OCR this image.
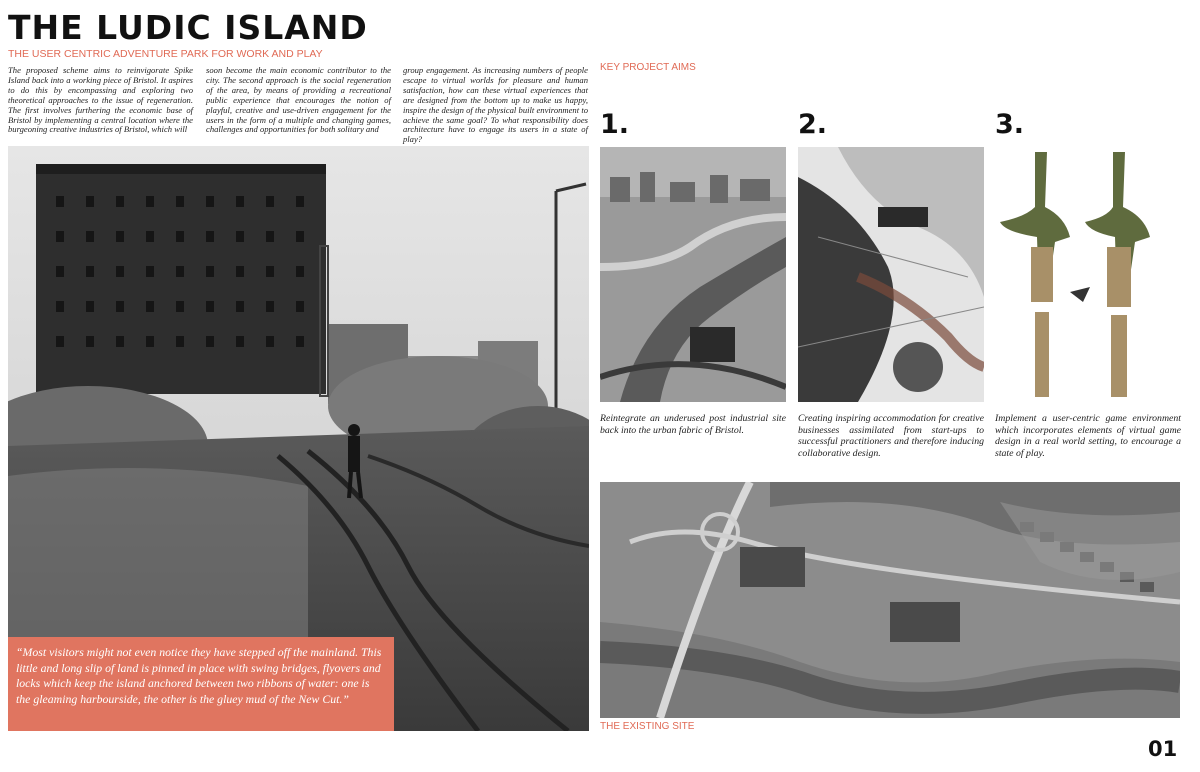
THE LUDIC ISLAND
THE USER CENTRIC ADVENTURE PARK FOR WORK AND PLAY
The proposed scheme aims to reinvigorate Spike Island back into a working piece of Bristol. It aspires to do this by encompassing and exploring two theoretical approaches to the issue of regeneration. The first involves furthering the economic base of Bristol by implementing a central location where the burgeoning creative industries of Bristol, which will
soon become the main economic contributor to the city. The second approach is the social regeneration of the area, by means of providing a recreational public experience that encourages the notion of playful, creative and use-driven engagement for the users in the form of a multiple and changing games, challenges and opportunities for both solitary and
group engagement. As increasing numbers of people escape to virtual worlds for pleasure and human satisfaction, how can these virtual experiences that are designed from the bottom up to make us happy, inspire the design of the physical built environment to achieve the same goal? To what responsibility does architecture have to engage its users in a state of play?
“Most visitors might not even notice they have stepped off the mainland. This little and long slip of land is pinned in place with swing bridges, flyovers and locks which keep the island anchored between two ribbons of water: one is the gleaming harbourside, the other is the gluey mud of the New Cut.”
KEY PROJECT AIMS
1.	2.	3.
Reintegrate an underused post industrial site back into the urban fabric of Bristol.
Creating inspiring accommodation for creative businesses assimilated from start-ups to successful practitioners and therefore inducing collaborative design.
Implement a user-centric game environment which incorporates elements of virtual game design in a real world setting, to encourage a state of play.
THE EXISTING SITE
01
